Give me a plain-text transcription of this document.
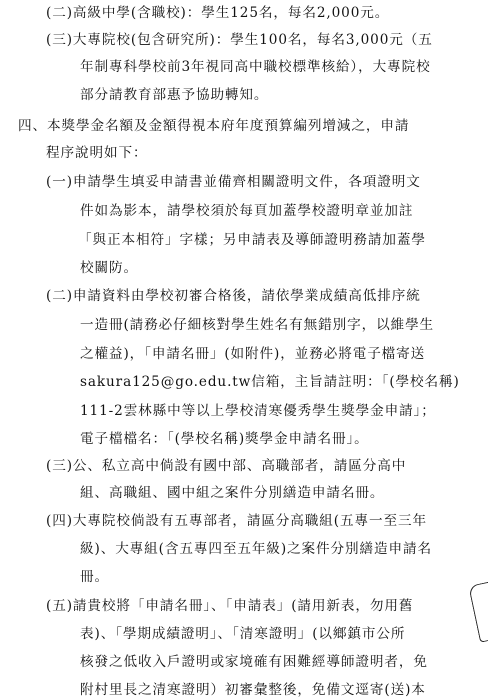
(二)高級中學(含職校)：學生125名，每名2,000元。
(三)大專院校(包含研究所)：學生100名，每名3,000元（五
年制專科學校前3年視同高中職校標準核給），大專院校
部分請教育部惠予協助轉知。
四、本獎學金名額及金額得視本府年度預算編列增減之，申請
程序說明如下：
(一)申請學生填妥申請書並備齊相關證明文件，各項證明文
件如為影本，請學校須於每頁加蓋學校證明章並加註
「與正本相符」字樣；另申請表及導師證明務請加蓋學
校關防。
(二)申請資料由學校初審合格後，請依學業成績高低排序統
一造冊(請務必仔細核對學生姓名有無錯別字，以維學生
之權益)，「申請名冊」(如附件)，並務必將電子檔寄送
sakura125@go.edu.tw信箱，主旨請註明：「(學校名稱)
111-2雲林縣中等以上學校清寒優秀學生獎學金申請」；
電子檔檔名：「(學校名稱)獎學金申請名冊」。
(三)公、私立高中倘設有國中部、高職部者，請區分高中
組、高職組、國中組之案件分別繕造申請名冊。
(四)大專院校倘設有五專部者，請區分高職組(五專一至三年
級)、大專組(含五專四至五年級)之案件分別繕造申請名
冊。
(五)請貴校將「申請名冊」、「申請表」(請用新表，勿用舊
表)、「學期成績證明」、「清寒證明」(以鄉鎮市公所
核發之低收入戶證明或家境確有困難經導師證明者，免
附村里長之清寒證明）初審彙整後，免備文逕寄(送)本
